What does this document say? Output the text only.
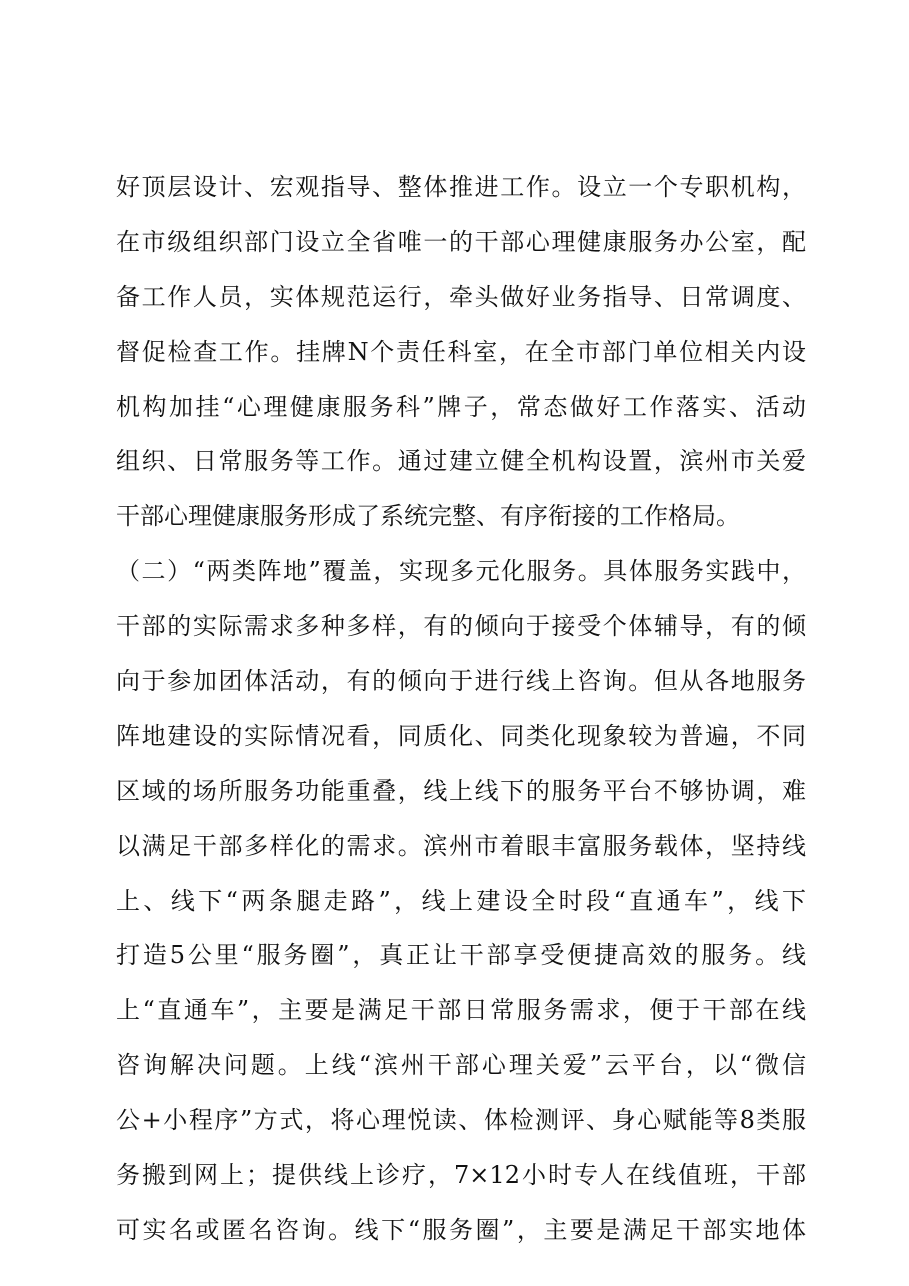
好顶层设计、宏观指导、整体推进工作。设立一个专职机构，
在市级组织部门设立全省唯一的干部心理健康服务办公室，配
备工作人员，实体规范运行，牵头做好业务指导、日常调度、
督促检查工作。挂牌N个责任科室，在全市部门单位相关内设
机构加挂“心理健康服务科”牌子，常态做好工作落实、活动
组织、日常服务等工作。通过建立健全机构设置，滨州市关爱
干部心理健康服务形成了系统完整、有序衔接的工作格局。
（二）“两类阵地”覆盖，实现多元化服务。具体服务实践中，
干部的实际需求多种多样，有的倾向于接受个体辅导，有的倾
向于参加团体活动，有的倾向于进行线上咨询。但从各地服务
阵地建设的实际情况看，同质化、同类化现象较为普遍，不同
区域的场所服务功能重叠，线上线下的服务平台不够协调，难
以满足干部多样化的需求。滨州市着眼丰富服务载体，坚持线
上、线下“两条腿走路”，线上建设全时段“直通车”，线下
打造5公里“服务圈”，真正让干部享受便捷高效的服务。线
上“直通车”，主要是满足干部日常服务需求，便于干部在线
咨询解决问题。上线“滨州干部心理关爱”云平台，以“微信
公+小程序”方式，将心理悦读、体检测评、身心赋能等8类服
务搬到网上；提供线上诊疗，7×12小时专人在线值班，干部
可实名或匿名咨询。线下“服务圈”，主要是满足干部实地体
